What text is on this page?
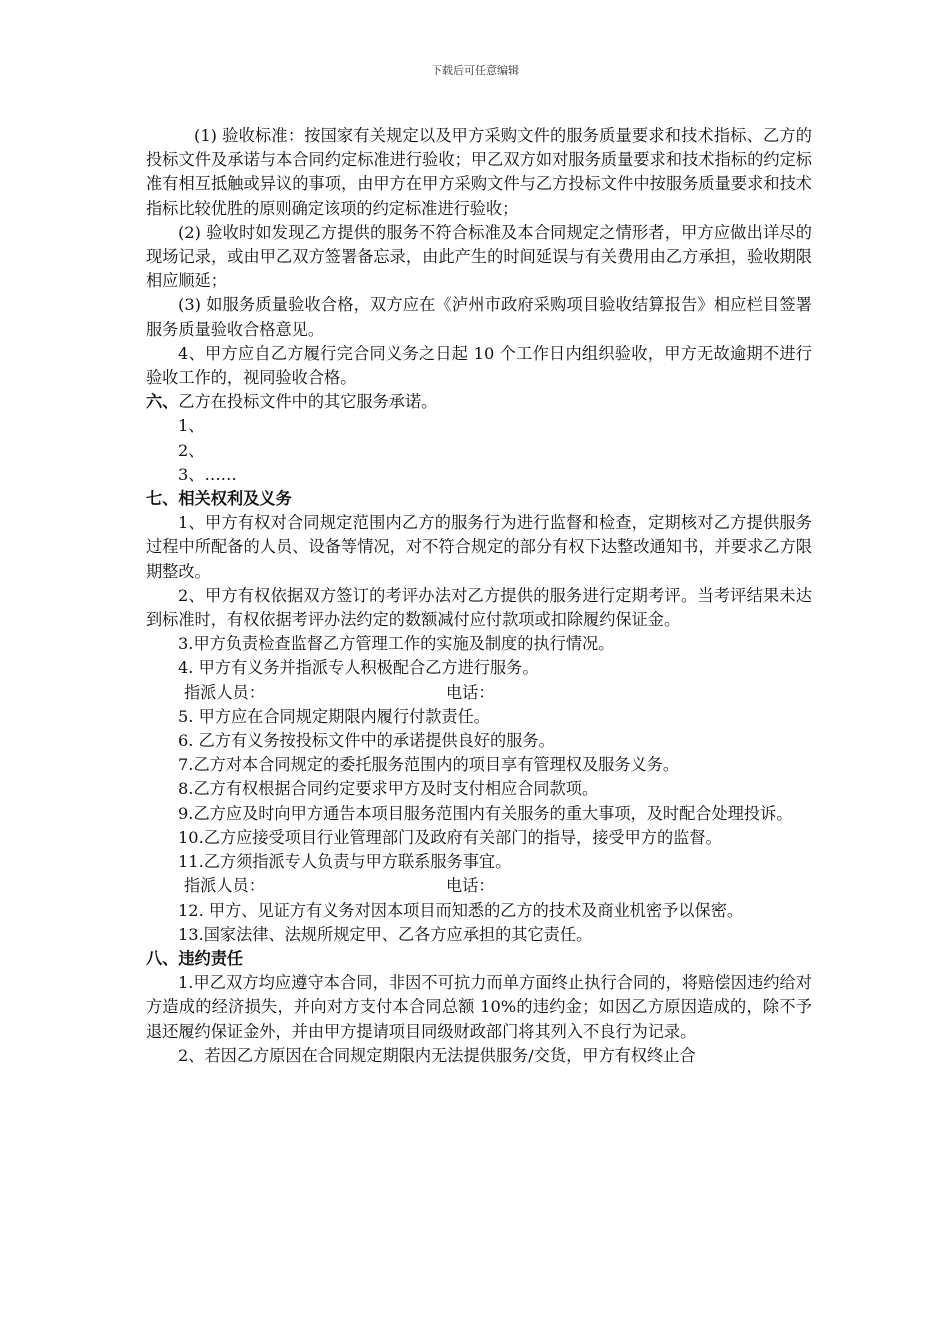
下载后可任意编辑

(1) 验收标准：按国家有关规定以及甲方采购文件的服务质量要求和技术指标、乙方的投标文件及承诺与本合同约定标准进行验收；甲乙双方如对服务质量要求和技术指标的约定标准有相互抵触或异议的事项，由甲方在甲方采购文件与乙方投标文件中按服务质量要求和技术指标比较优胜的原则确定该项的约定标准进行验收；

(2) 验收时如发现乙方提供的服务不符合标准及本合同规定之情形者，甲方应做出详尽的现场记录，或由甲乙双方签署备忘录，由此产生的时间延误与有关费用由乙方承担，验收期限相应顺延；

(3) 如服务质量验收合格，双方应在《泸州市政府采购项目验收结算报告》相应栏目签署服务质量验收合格意见。

4、甲方应自乙方履行完合同义务之日起 10 个工作日内组织验收，甲方无故逾期不进行验收工作的，视同验收合格。

六、乙方在投标文件中的其它服务承诺。

1、

2、

3、……

七、相关权利及义务

1、甲方有权对合同规定范围内乙方的服务行为进行监督和检查，定期核对乙方提供服务过程中所配备的人员、设备等情况，对不符合规定的部分有权下达整改通知书，并要求乙方限期整改。

2、甲方有权依据双方签订的考评办法对乙方提供的服务进行定期考评。当考评结果未达到标准时，有权依据考评办法约定的数额减付应付款项或扣除履约保证金。

3.甲方负责检查监督乙方管理工作的实施及制度的执行情况。

4. 甲方有义务并指派专人积极配合乙方进行服务。

指派人员：	电话：

5. 甲方应在合同规定期限内履行付款责任。

6. 乙方有义务按投标文件中的承诺提供良好的服务。

7.乙方对本合同规定的委托服务范围内的项目享有管理权及服务义务。

8.乙方有权根据合同约定要求甲方及时支付相应合同款项。

9.乙方应及时向甲方通告本项目服务范围内有关服务的重大事项，及时配合处理投诉。

10.乙方应接受项目行业管理部门及政府有关部门的指导，接受甲方的监督。

11.乙方须指派专人负责与甲方联系服务事宜。

指派人员：	电话：

12. 甲方、见证方有义务对因本项目而知悉的乙方的技术及商业机密予以保密。

13.国家法律、法规所规定甲、乙各方应承担的其它责任。

八、违约责任

1.甲乙双方均应遵守本合同，非因不可抗力而单方面终止执行合同的，将赔偿因违约给对方造成的经济损失，并向对方支付本合同总额 10%的违约金；如因乙方原因造成的，除不予退还履约保证金外，并由甲方提请项目同级财政部门将其列入不良行为记录。

2、若因乙方原因在合同规定期限内无法提供服务/交货，甲方有权终止合
